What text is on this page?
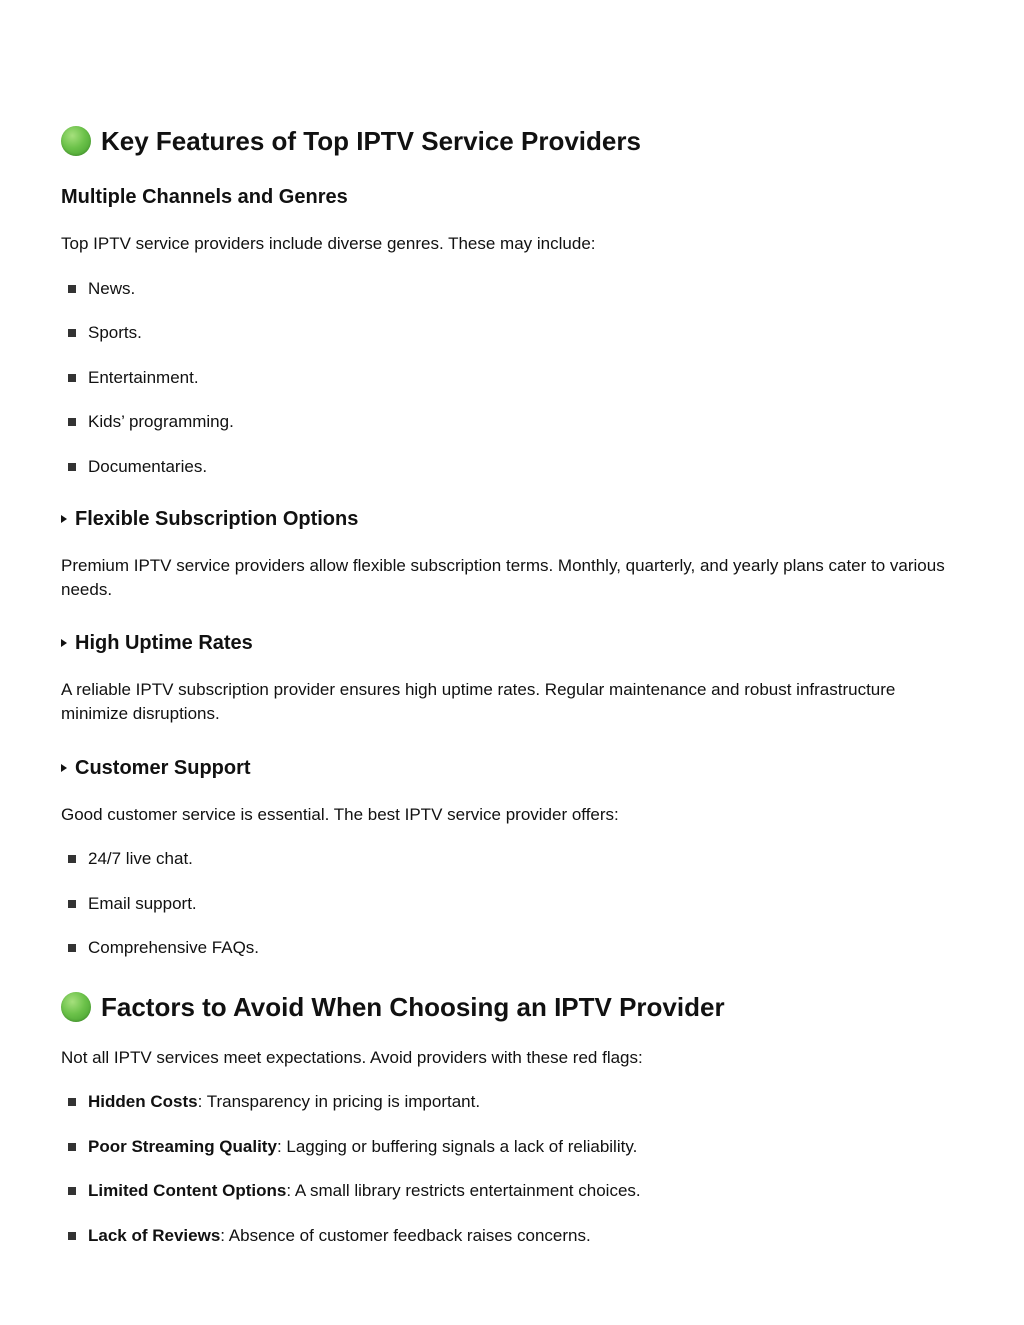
Key Features of Top IPTV Service Providers
Multiple Channels and Genres
Top IPTV service providers include diverse genres. These may include:
News.
Sports.
Entertainment.
Kids’ programming.
Documentaries.
Flexible Subscription Options
Premium IPTV service providers allow flexible subscription terms. Monthly, quarterly, and yearly plans cater to various needs.
High Uptime Rates
A reliable IPTV subscription provider ensures high uptime rates. Regular maintenance and robust infrastructure minimize disruptions.
Customer Support
Good customer service is essential. The best IPTV service provider offers:
24/7 live chat.
Email support.
Comprehensive FAQs.
Factors to Avoid When Choosing an IPTV Provider
Not all IPTV services meet expectations. Avoid providers with these red flags:
Hidden Costs : Transparency in pricing is important.
Poor Streaming Quality : Lagging or buffering signals a lack of reliability.
Limited Content Options : A small library restricts entertainment choices.
Lack of Reviews : Absence of customer feedback raises concerns.
